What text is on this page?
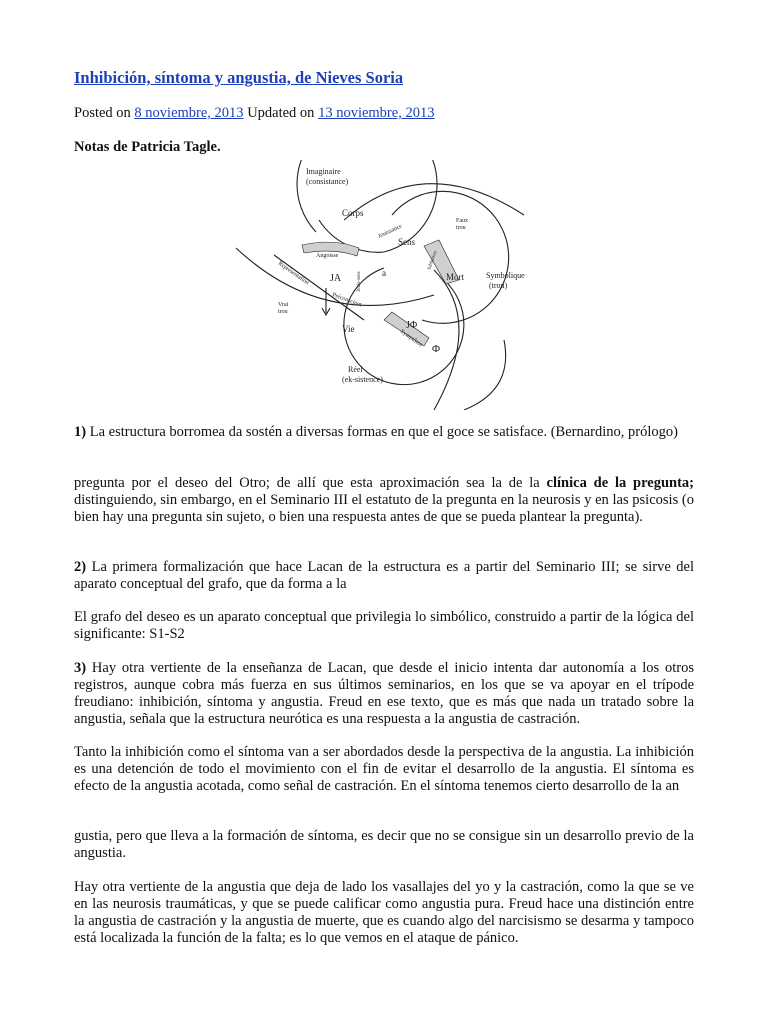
Inhibición, síntoma y angustia, de Nieves Soria
Posted on 8 noviembre, 2013 Updated on 13 noviembre, 2013
Notas de Patricia Tagle.
Imaginaire
(consistance)
Corps
Jouissance
Sens
Faux
trou
Angoisse	Inhibition
JA	a
Jouis-sens	Mort	Symbolique
(trou)
Représentation
Préconscient
Vrai
trou
Vie	JΦ
Symptôme
Φ
Réel
(ek-sistence)

1) La estructura borromea da sostén a diversas formas en que el goce se satisface. (Bernardino, prólogo)

pregunta por el deseo del Otro; de allí que esta aproximación sea la de la clínica de la pregunta; distinguiendo, sin embargo, en el Seminario III el estatuto de la pregunta en la neurosis y en las psicosis (o bien hay una pregunta sin sujeto, o bien una respuesta antes de que se pueda plantear la pregunta).

2) La primera formalización que hace Lacan de la estructura es a partir del Seminario III; se sirve del aparato conceptual del grafo, que da forma a la

El grafo del deseo es un aparato conceptual que privilegia lo simbólico, construido a partir de la lógica del significante: S1-S2

3) Hay otra vertiente de la enseñanza de Lacan, que desde el inicio intenta dar autonomía a los otros registros, aunque cobra más fuerza en sus últimos seminarios, en los que se va apoyar en el trípode freudiano: inhibición, síntoma y angustia. Freud en ese texto, que es más que nada un tratado sobre la angustia, señala que la estructura neurótica es una respuesta a la angustia de castración.

Tanto la inhibición como el síntoma van a ser abordados desde la perspectiva de la angustia. La inhibición es una detención de todo el movimiento con el fin de evitar el desarrollo de la angustia. El síntoma es efecto de la angustia acotada, como señal de castración. En el síntoma tenemos cierto desarrollo de la an

gustia, pero que lleva a la formación de síntoma, es decir que no se consigue sin un desarrollo previo de la angustia.

Hay otra vertiente de la angustia que deja de lado los vasallajes del yo y la castración, como la que se ve en las neurosis traumáticas, y que se puede calificar como angustia pura. Freud hace una distinción entre la angustia de castración y la angustia de muerte, que es cuando algo del narcisismo se desarma y tampoco está localizada la función de la falta; es lo que vemos en el ataque de pánico.
